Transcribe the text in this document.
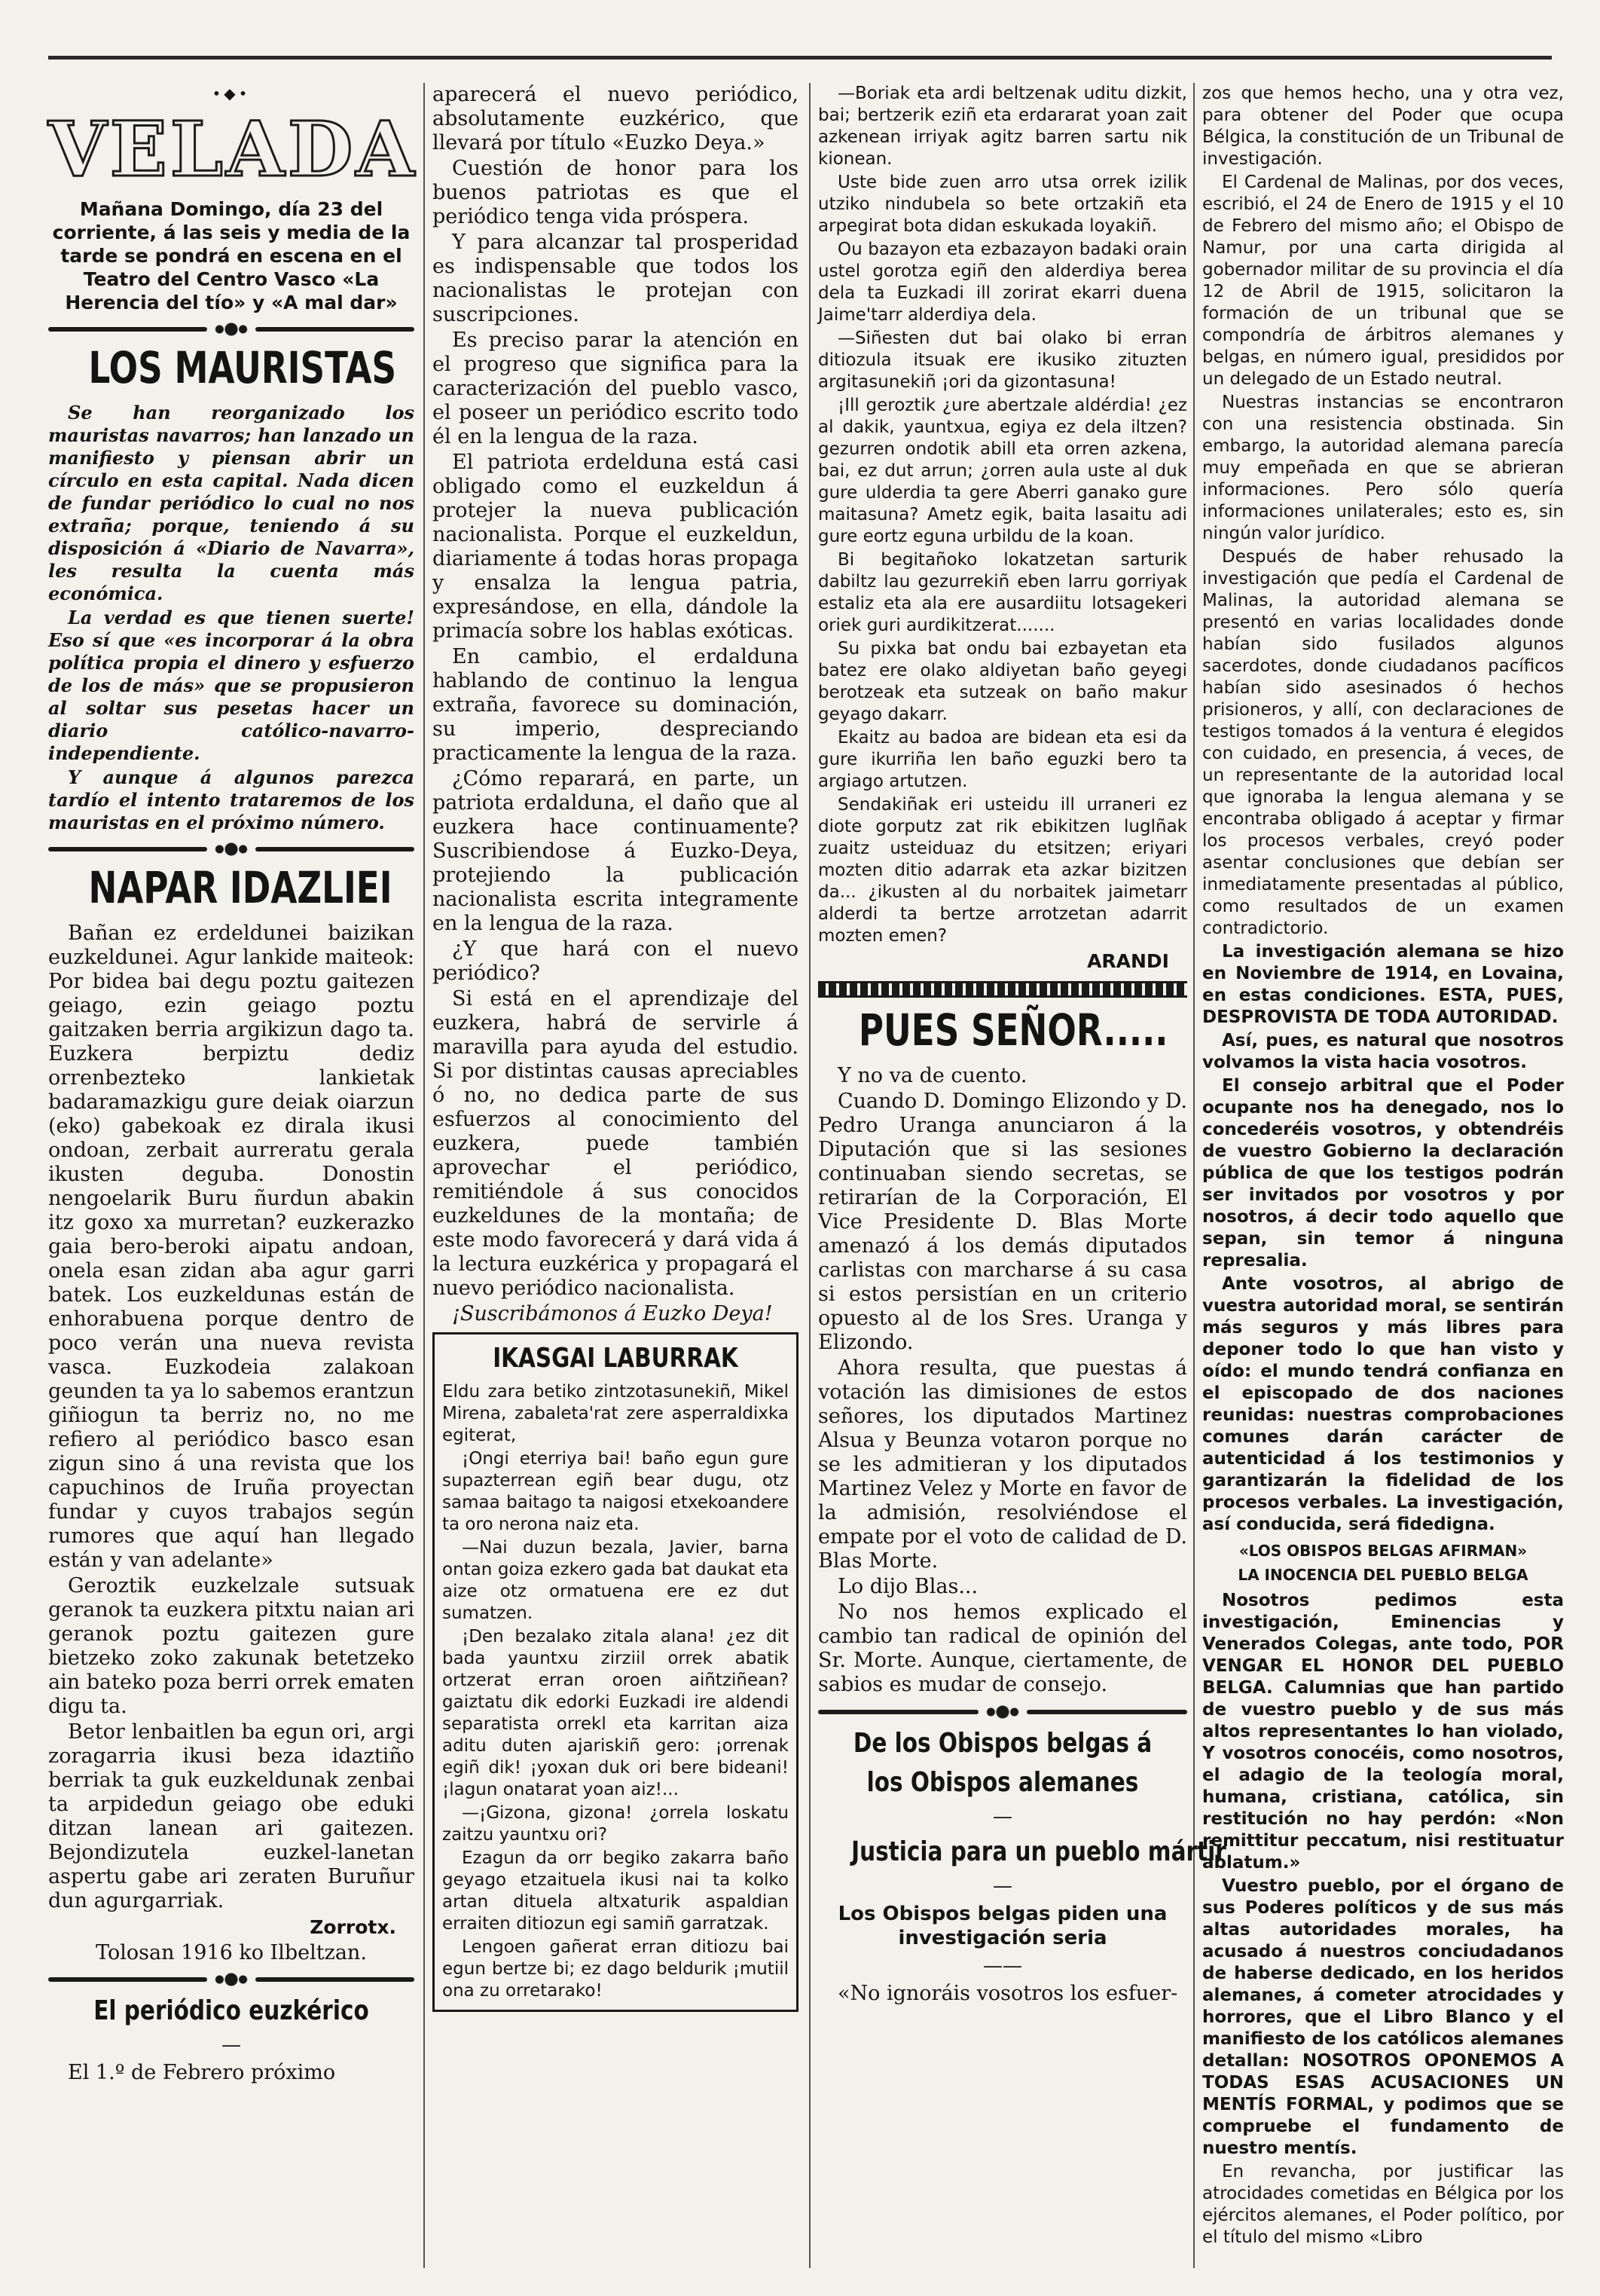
•◆•
VELADA

Mañana Domingo, día 23 del corriente, á las seis y media de la tarde se pondrá en escena en el Teatro del Centro Vasco «La Herencia del tío» y «A mal dar»

LOS MAURISTAS

Se han reorganizado los mauristas navarros; han lanzado un manifiesto y piensan abrir un círculo en esta capital. Nada dicen de fundar periódico lo cual no nos extraña; porque, teniendo á su disposición á «Diario de Navarra», les resulta la cuenta más económica.

La verdad es que tienen suerte! Eso sí que «es incorporar á la obra política propia el dinero y esfuerzo de los de más» que se propusieron al soltar sus pesetas hacer un diario católico-navarro-independiente.

Y aunque á algunos parezca tardío el intento trataremos de los mauristas en el próximo número.

NAPAR IDAZLIEI

Bañan ez erdeldunei baizikan euzkeldunei. Agur lankide maiteok: Por bidea bai degu poztu gaitezen geiago, ezin geiago poztu gaitzaken berria argikizun dago ta. Euzkera berpiztu dediz orrenbezteko lankietak badaramazkigu gure deiak oiarzun (eko) gabekoak ez dirala ikusi ondoan, zerbait aurreratu gerala ikusten deguba. Donostin nengoelarik Buru ñurdun abakin itz goxo xa murretan? euzkerazko gaia bero-beroki aipatu andoan, onela esan zidan aba agur garri batek. Los euzkeldunas están de enhorabuena porque dentro de poco verán una nueva revista vasca. Euzkodeia zalakoan geunden ta ya lo sabemos erantzun giñiogun ta berriz no, no me refiero al periódico basco esan zigun sino á una revista que los capuchinos de Iruña proyectan fundar y cuyos trabajos según rumores que aquí han llegado están y van adelante»

Geroztik euzkelzale sutsuak geranok ta euzkera pitxtu naian ari geranok poztu gaitezen gure bietzeko zoko zakunak betetzeko ain bateko poza berri orrek ematen digu ta.

Betor lenbaitlen ba egun ori, argi zoragarria ikusi beza idaztiño berriak ta guk euzkeldunak zenbai ta arpidedun geiago obe eduki ditzan lanean ari gaitezen. Bejondizutela euzkel-lanetan aspertu gabe ari zeraten Buruñur dun agurgarriak.

Zorrotx.
Tolosan 1916 ko Ilbeltzan.
El periódico euzkérico
—

El 1.º de Febrero próximo

aparecerá el nuevo periódico, absolutamente euzkérico, que llevará por título «Euzko Deya.»

Cuestión de honor para los buenos patriotas es que el periódico tenga vida próspera.

Y para alcanzar tal prosperidad es indispensable que todos los nacionalistas le protejan con suscripciones.

Es preciso parar la atención en el progreso que significa para la caracterización del pueblo vasco, el poseer un periódico escrito todo él en la lengua de la raza.

El patriota erdelduna está casi obligado como el euzkeldun á protejer la nueva publicación nacionalista. Porque el euzkeldun, diariamente á todas horas propaga y ensalza la lengua patria, expresándose, en ella, dándole la primacía sobre los hablas exóticas.

En cambio, el erdalduna hablando de continuo la lengua extraña, favorece su dominación, su imperio, despreciando practicamente la lengua de la raza.

¿Cómo reparará, en parte, un patriota erdalduna, el daño que al euzkera hace continuamente? Suscribiendose á Euzko-Deya, protejiendo la publicación nacionalista escrita integramente en la lengua de la raza.

¿Y que hará con el nuevo periódico?

Si está en el aprendizaje del euzkera, habrá de servirle á maravilla para ayuda del estudio. Si por distintas causas apreciables ó no, no dedica parte de sus esfuerzos al conocimiento del euzkera, puede también aprovechar el periódico, remitiéndole á sus conocidos euzkeldunes de la montaña; de este modo favorecerá y dará vida á la lectura euzkérica y propagará el nuevo periódico nacionalista.

¡Suscribámonos á Euzko Deya!

IKASGAI LABURRAK

Eldu zara betiko zintzotasunekiñ, Mikel Mirena, zabaleta'rat zere asperraldixka egiterat,

¡Ongi eterriya bai! baño egun gure supazterrean egiñ bear dugu, otz samaa baitago ta naigosi etxekoandere ta oro nerona naiz eta.

—Nai duzun bezala, Javier, barna ontan goiza ezkero gada bat daukat eta aize otz ormatuena ere ez dut sumatzen.

¡Den bezalako zitala alana! ¿ez dit bada yauntxu zirziil orrek abatik ortzerat erran oroen aiñtziñean? gaiztatu dik edorki Euzkadi ire aldendi separatista orrekl eta karritan aiza aditu duten ajariskiñ gero: ¡orrenak egiñ dik! ¡yoxan duk ori bere bideani! ¡lagun onatarat yoan aiz!...

—¡Gizona, gizona! ¿orrela loskatu zaitzu yauntxu ori?

Ezagun da orr begiko zakarra baño geyago etzaituela ikusi nai ta kolko artan dituela altxaturik aspaldian erraiten ditiozun egi samiñ garratzak.

Lengoen gañerat erran ditiozu bai egun bertze bi; ez dago beldurik ¡mutiil ona zu orretarako!

—Boriak eta ardi beltzenak uditu dizkit, bai; bertzerik eziñ eta erdararat yoan zait azkenean irriyak agitz barren sartu nik kionean.

Uste bide zuen arro utsa orrek izilik utziko nindubela so bete ortzakiñ eta arpegirat bota didan eskukada loyakiñ.

Ou bazayon eta ezbazayon badaki orain ustel gorotza egiñ den alderdiya berea dela ta Euzkadi ill zorirat ekarri duena Jaime'tarr alderdiya dela.

—Siñesten dut bai olako bi erran ditiozula itsuak ere ikusiko zituzten argitasunekiñ ¡ori da gizontasuna!

¡Ill geroztik ¿ure abertzale aldérdia! ¿ez al dakik, yauntxua, egiya ez dela iltzen? gezurren ondotik abill eta orren azkena, bai, ez dut arrun; ¿orren aula uste al duk gure ulderdia ta gere Aberri ganako gure maitasuna? Ametz egik, baita lasaitu adi gure eortz eguna urbildu de la koan.

Bi begitañoko lokatzetan sarturik dabiltz lau gezurrekiñ eben larru gorriyak estaliz eta ala ere ausardiitu lotsagekeri oriek guri aurdikitzerat.......

Su pixka bat ondu bai ezbayetan eta batez ere olako aldiyetan baño geyegi berotzeak eta sutzeak on baño makur geyago dakarr.

Ekaitz au badoa are bidean eta esi da gure ikurriña len baño eguzki bero ta argiago artutzen.

Sendakiñak eri usteidu ill urraneri ez diote gorputz zat rik ebikitzen luglñak zuaitz usteiduaz du etsitzen; eriyari mozten ditio adarrak eta azkar bizitzen da... ¿ikusten al du norbaitek jaimetarr alderdi ta bertze arrotzetan adarrit mozten emen?

ARANDI
PUES SEÑOR.....

Y no va de cuento.

Cuando D. Domingo Elizondo y D. Pedro Uranga anunciaron á la Diputación que si las sesiones continuaban siendo secretas, se retirarían de la Corporación, El Vice Presidente D. Blas Morte amenazó á los demás diputados carlistas con marcharse á su casa si estos persistían en un criterio opuesto al de los Sres. Uranga y Elizondo.

Ahora resulta, que puestas á votación las dimisiones de estos señores, los diputados Martinez Alsua y Beunza votaron porque no se les admitieran y los diputados Martinez Velez y Morte en favor de la admisión, resolviéndose el empate por el voto de calidad de D. Blas Morte.

Lo dijo Blas...

No nos hemos explicado el cambio tan radical de opinión del Sr. Morte. Aunque, ciertamente, de sabios es mudar de consejo.

De los Obispos belgas á
los Obispos alemanes
—
Justicia para un pueblo mártir
—
Los Obispos belgas piden una investigación seria
——

«No ignoráis vosotros los esfuer-

zos que hemos hecho, una y otra vez, para obtener del Poder que ocupa Bélgica, la constitución de un Tribunal de investigación.

El Cardenal de Malinas, por dos veces, escribió, el 24 de Enero de 1915 y el 10 de Febrero del mismo año; el Obispo de Namur, por una carta dirigida al gobernador militar de su provincia el día 12 de Abril de 1915, solicitaron la formación de un tribunal que se compondría de árbitros alemanes y belgas, en número igual, presididos por un delegado de un Estado neutral.

Nuestras instancias se encontraron con una resistencia obstinada. Sin embargo, la autoridad alemana parecía muy empeñada en que se abrieran informaciones. Pero sólo quería informaciones unilaterales; esto es, sin ningún valor jurídico.

Después de haber rehusado la investigación que pedía el Cardenal de Malinas, la autoridad alemana se presentó en varias localidades donde habían sido fusilados algunos sacerdotes, donde ciudadanos pacíficos habían sido asesinados ó hechos prisioneros, y allí, con declaraciones de testigos tomados á la ventura é elegidos con cuidado, en presencia, á veces, de un representante de la autoridad local que ignoraba la lengua alemana y se encontraba obligado á aceptar y firmar los procesos verbales, creyó poder asentar conclusiones que debían ser inmediatamente presentadas al público, como resultados de un examen contradictorio.

La investigación alemana se hizo en Noviembre de 1914, en Lovaina, en estas condiciones. ESTA, PUES, DESPROVISTA DE TODA AUTORIDAD.

Así, pues, es natural que nosotros volvamos la vista hacia vosotros.

El consejo arbitral que el Poder ocupante nos ha denegado, nos lo concederéis vosotros, y obtendréis de vuestro Gobierno la declaración pública de que los testigos podrán ser invitados por vosotros y por nosotros, á decir todo aquello que sepan, sin temor á ninguna represalia.

Ante vosotros, al abrigo de vuestra autoridad moral, se sentirán más seguros y más libres para deponer todo lo que han visto y oído: el mundo tendrá confianza en el episcopado de dos naciones reunidas: nuestras comprobaciones comunes darán carácter de autenticidad á los testimonios y garantizarán la fidelidad de los procesos verbales. La investigación, así conducida, será fidedigna.

«LOS OBISPOS BELGAS AFIRMAN»
LA INOCENCIA DEL PUEBLO BELGA

Nosotros pedimos esta investigación, Eminencias y Venerados Colegas, ante todo, POR VENGAR EL HONOR DEL PUEBLO BELGA. Calumnias que han partido de vuestro pueblo y de sus más altos representantes lo han violado, Y vosotros conocéis, como nosotros, el adagio de la teología moral, humana, cristiana, católica, sin restitución no hay perdón: «Non remittitur peccatum, nisi restituatur ablatum.»

Vuestro pueblo, por el órgano de sus Poderes políticos y de sus más altas autoridades morales, ha acusado á nuestros conciudadanos de haberse dedicado, en los heridos alemanes, á cometer atrocidades y horrores, que el Libro Blanco y el manifiesto de los católicos alemanes detallan: NOSOTROS OPONEMOS A TODAS ESAS ACUSACIONES UN MENTÍS FORMAL, y podimos que se compruebe el fundamento de nuestro mentís.

En revancha, por justificar las atrocidades cometidas en Bélgica por los ejércitos alemanes, el Poder político, por el título del mismo «Libro
